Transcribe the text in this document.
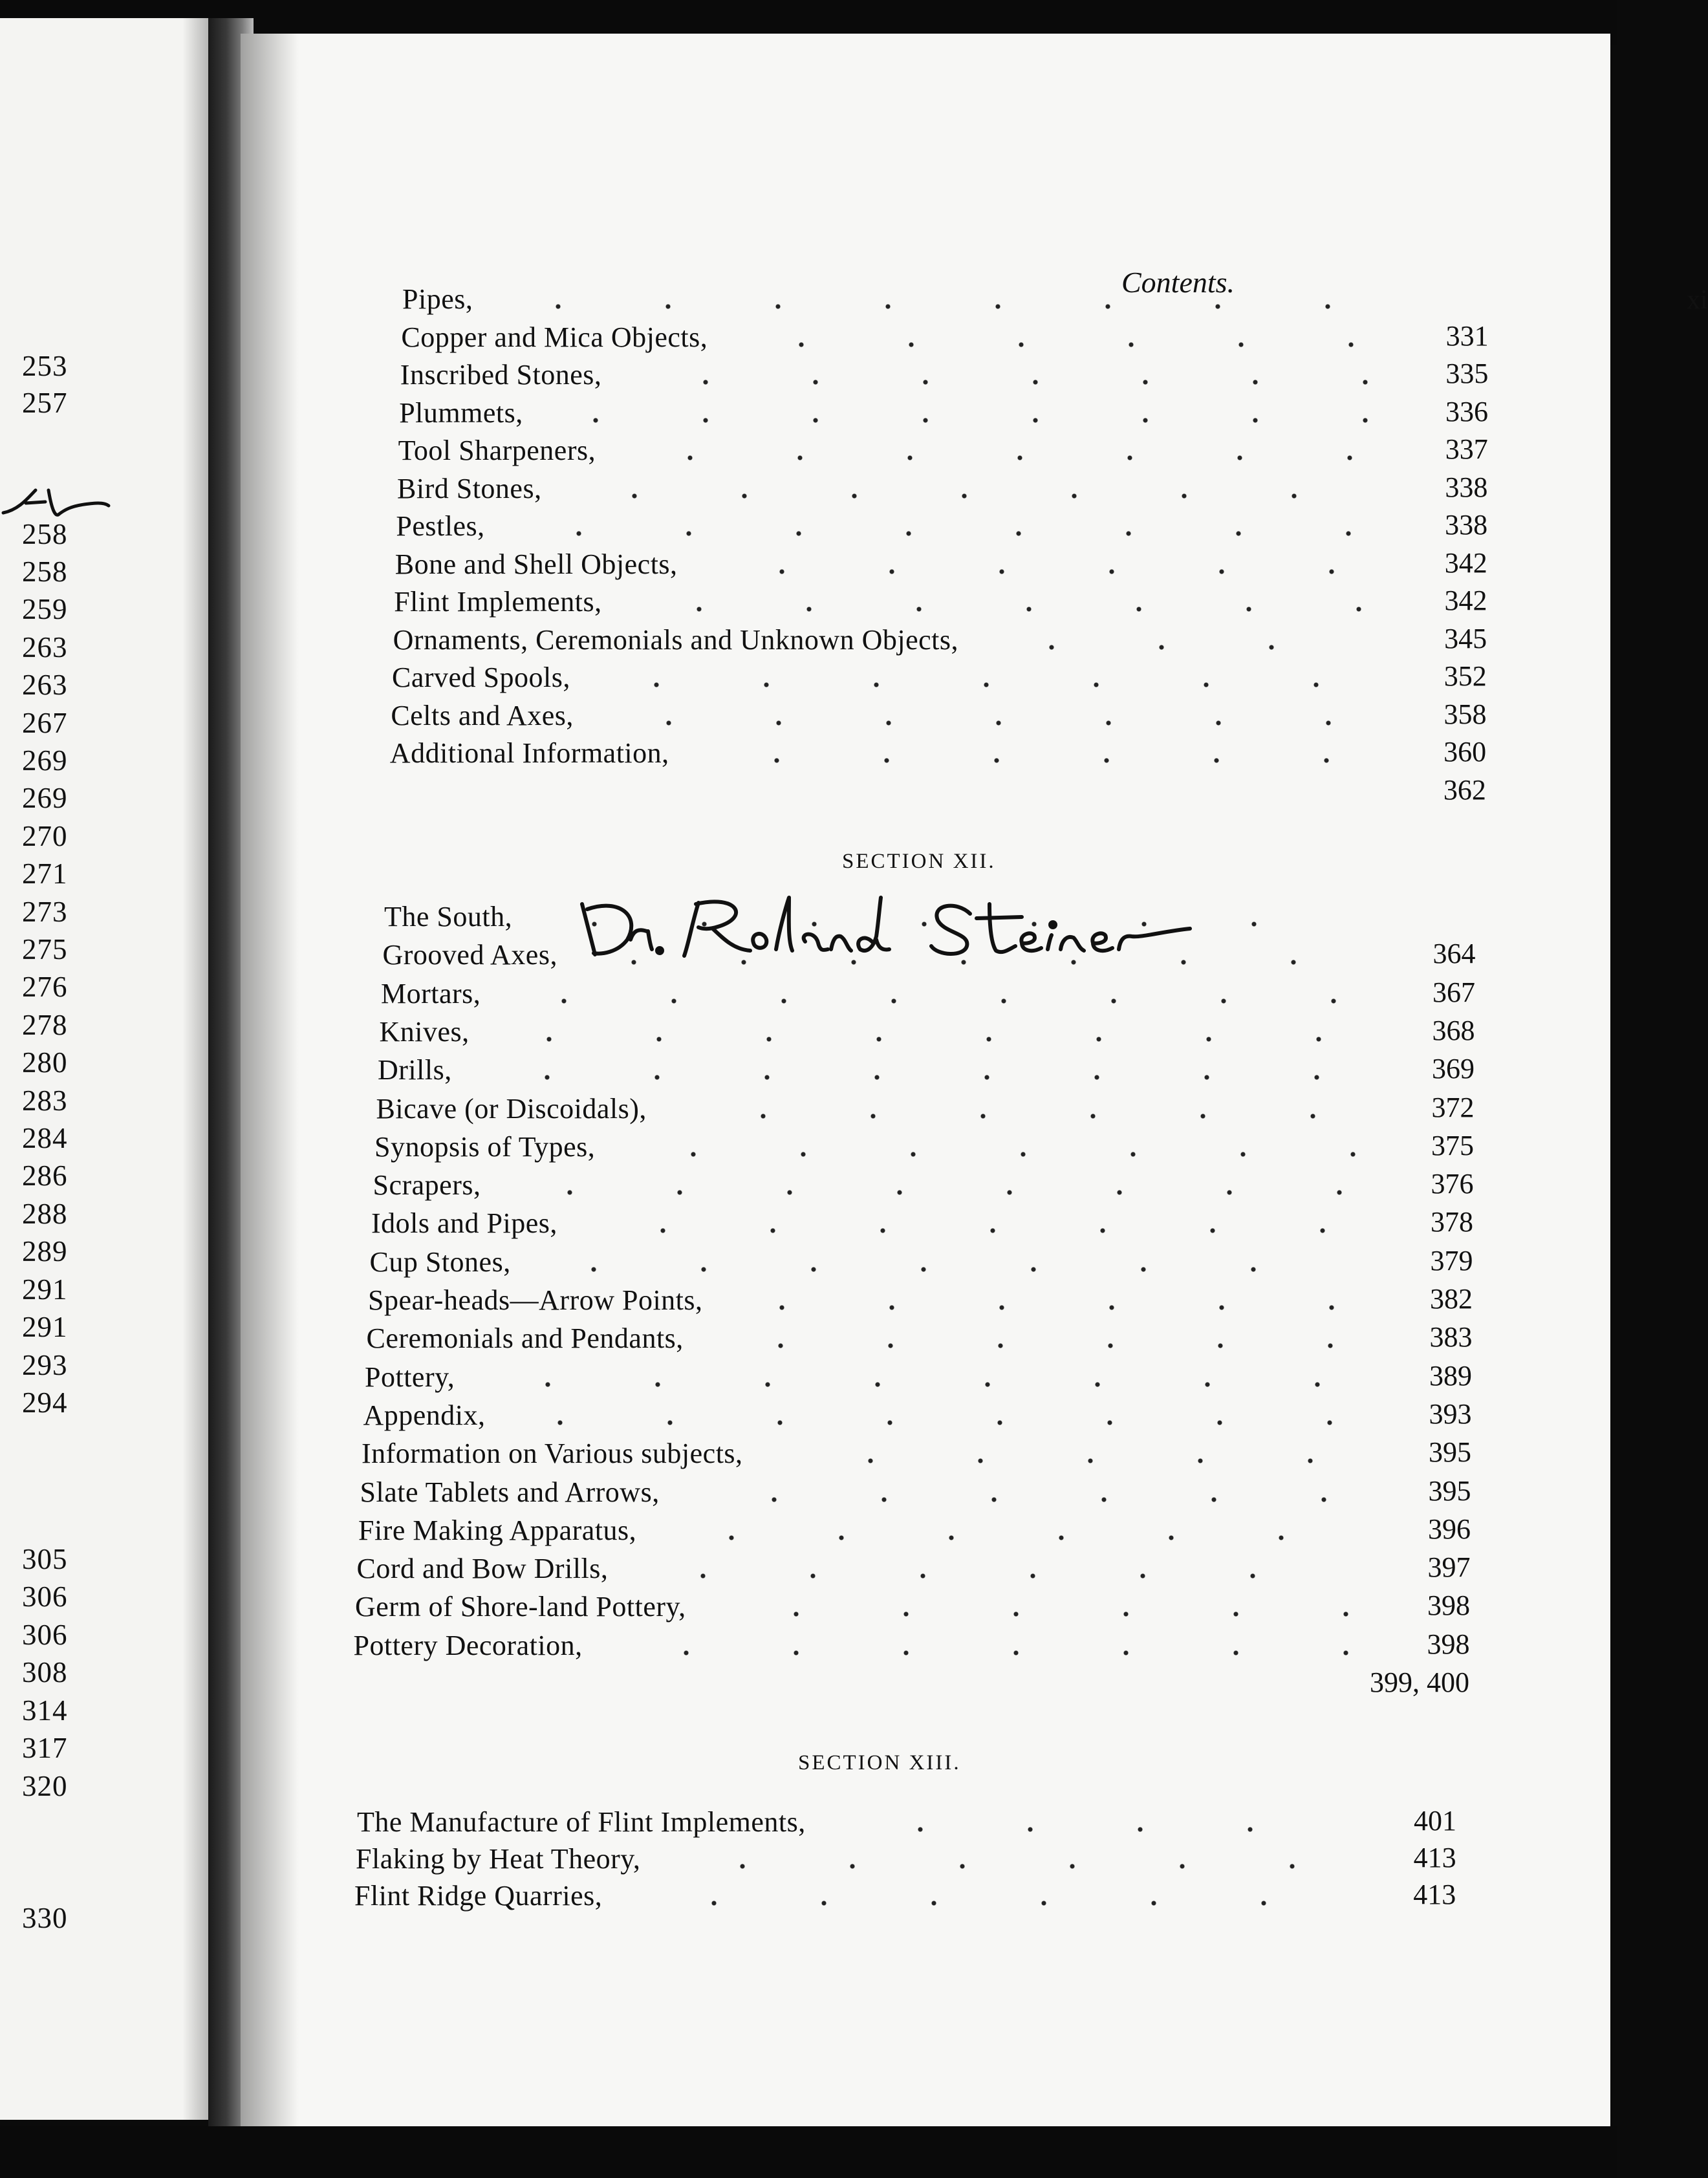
253
257
258
258
259
263
263
267
269
269
270
271
273
275
276
278
280
283
284
286
288
289
291
291
293
294
305
306
306
308
314
317
320
330
Contents.
xi
Pipes,
Copper and Mica Objects,	331
Inscribed Stones,	335
Plummets,	336
Tool Sharpeners,	337
Bird Stones,	338
Pestles,	338
Bone and Shell Objects,	342
Flint Implements,	342
Ornaments, Ceremonials and Unknown Objects,	345
Carved Spools,	352
Celts and Axes,	358
Additional Information,	360
362
SECTION XII.
The South,
Grooved Axes,	364
Mortars,	367
Knives,	368
Drills,	369
Bicave (or Discoidals),	372
Synopsis of Types,	375
Scrapers,	376
Idols and Pipes,	378
Cup Stones,	379
Spear-heads—Arrow Points,	382
Ceremonials and Pendants,	383
Pottery,	389
Appendix,	393
Information on Various subjects,	395
Slate Tablets and Arrows,	395
Fire Making Apparatus,	396
Cord and Bow Drills,	397
Germ of Shore-land Pottery,	398
Pottery Decoration,	398
399, 400
SECTION XIII.
The Manufacture of Flint Implements,	401
Flaking by Heat Theory,	413
Flint Ridge Quarries,	413
